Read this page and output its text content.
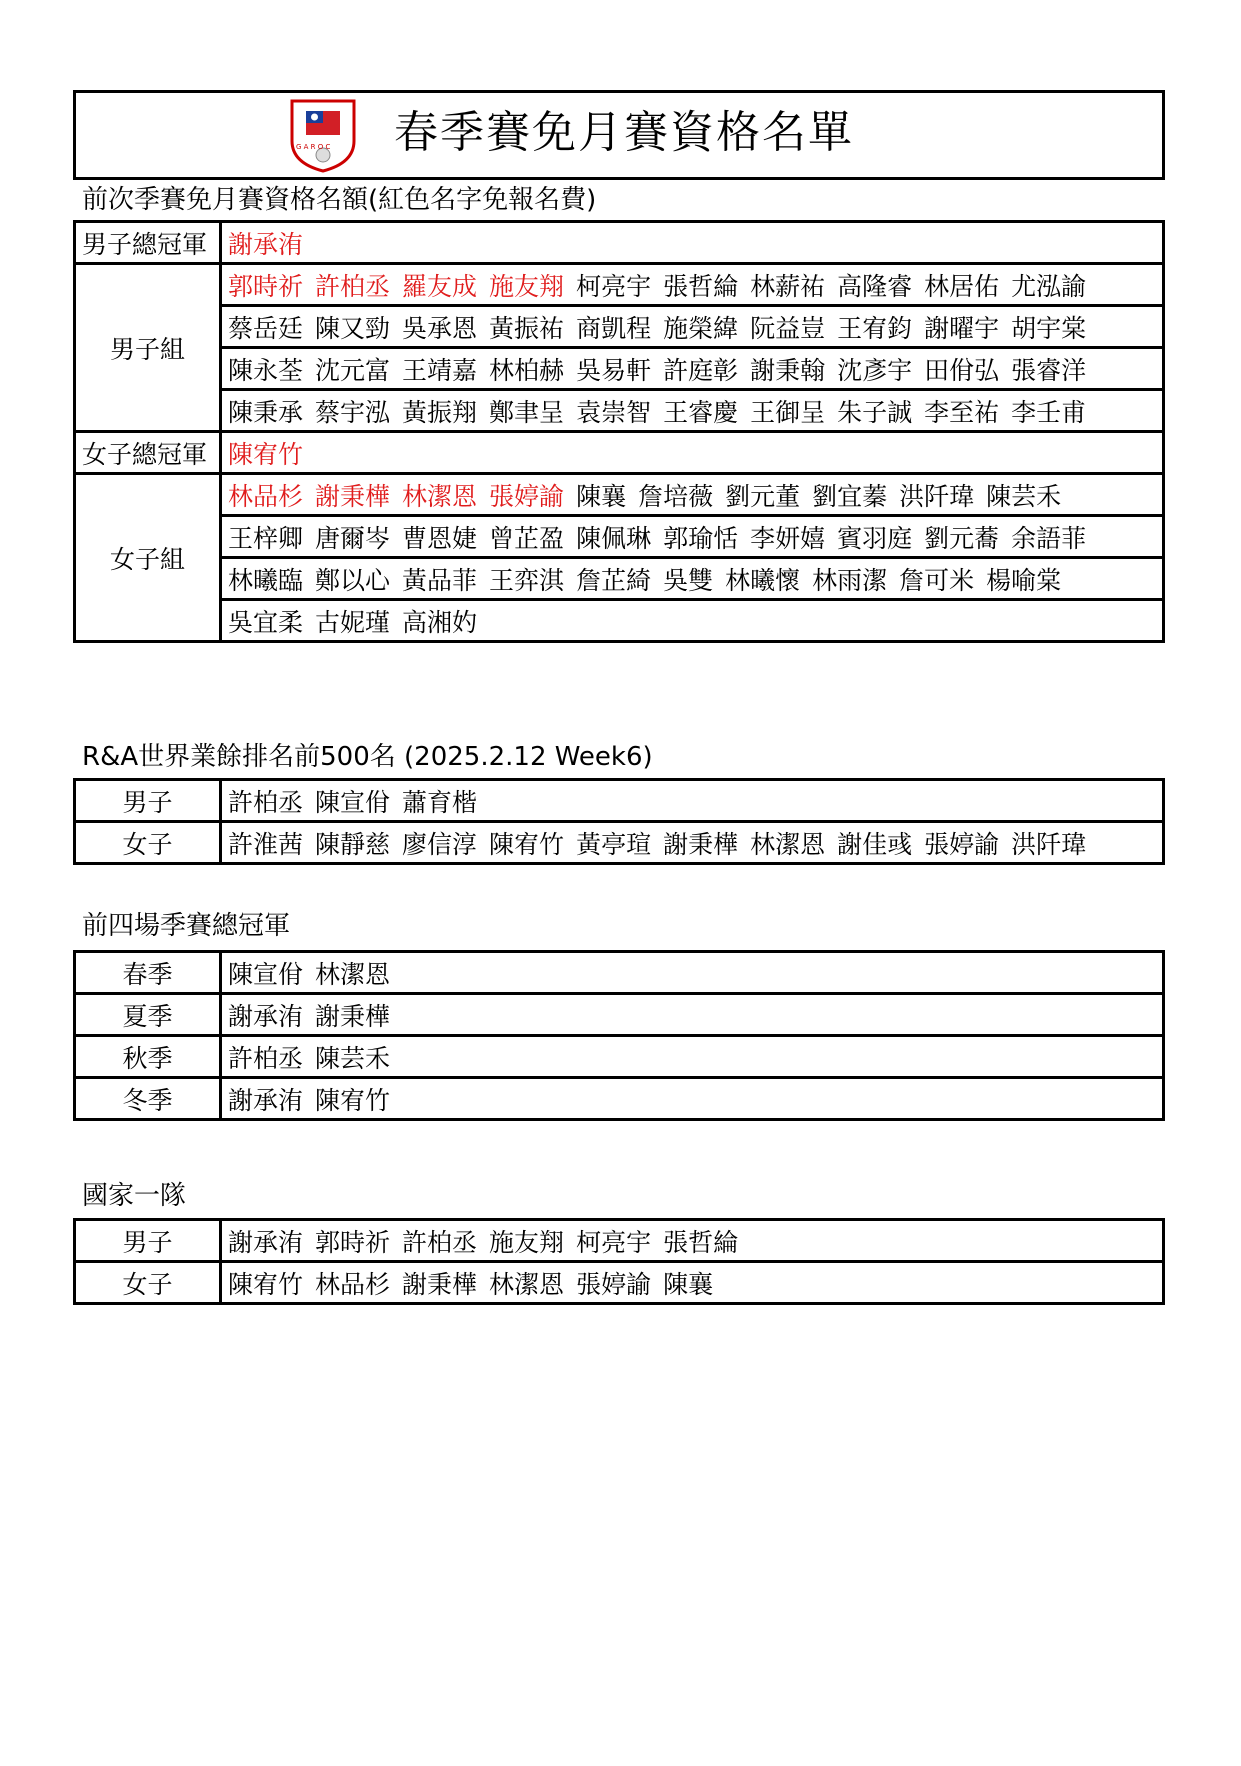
G A R O C 春季賽免月賽資格名單
前次季賽免月賽資格名額(紅色名字免報名費)
男子總冠軍	謝承洧
男子組	郭時祈 許柏丞 羅友成 施友翔 柯亮宇 張哲綸 林薪祐 高隆睿 林居佑 尤泓諭
	蔡岳廷 陳又勁 吳承恩 黃振祐 商凱程 施榮緯 阮益豈 王宥鈞 謝曜宇 胡宇棠
	陳永荃 沈元富 王靖嘉 林柏赫 吳易軒 許庭彰 謝秉翰 沈彥宇 田佾弘 張睿洋
	陳秉承 蔡宇泓 黃振翔 鄭聿呈 袁崇智 王睿慶 王御呈 朱子誠 李至祐 李壬甫
女子總冠軍	陳宥竹
女子組	林品杉 謝秉樺 林潔恩 張婷諭 陳襄 詹培薇 劉元董 劉宜蓁 洪阡瑋 陳芸禾
	王梓卿 唐爾岑 曹恩婕 曾芷盈 陳佩琳 郭瑜恬 李妍嬉 賓羽庭 劉元蕎 余語菲
	林曦臨 鄭以心 黃品菲 王弈淇 詹芷綺 吳雙 林曦懷 林雨潔 詹可米 楊喻棠
	吳宜柔 古妮瑾 高湘妁
R&A世界業餘排名前500名 (2025.2.12 Week6)
男子	許柏丞 陳宣佾 蕭育楷
女子	許淮茜 陳靜慈 廖信淳 陳宥竹 黃亭瑄 謝秉樺 林潔恩 謝佳彧 張婷諭 洪阡瑋
前四場季賽總冠軍
春季	陳宣佾 林潔恩
夏季	謝承洧 謝秉樺
秋季	許柏丞 陳芸禾
冬季	謝承洧 陳宥竹
國家一隊
男子	謝承洧 郭時祈 許柏丞 施友翔 柯亮宇 張哲綸
女子	陳宥竹 林品杉 謝秉樺 林潔恩 張婷諭 陳襄
